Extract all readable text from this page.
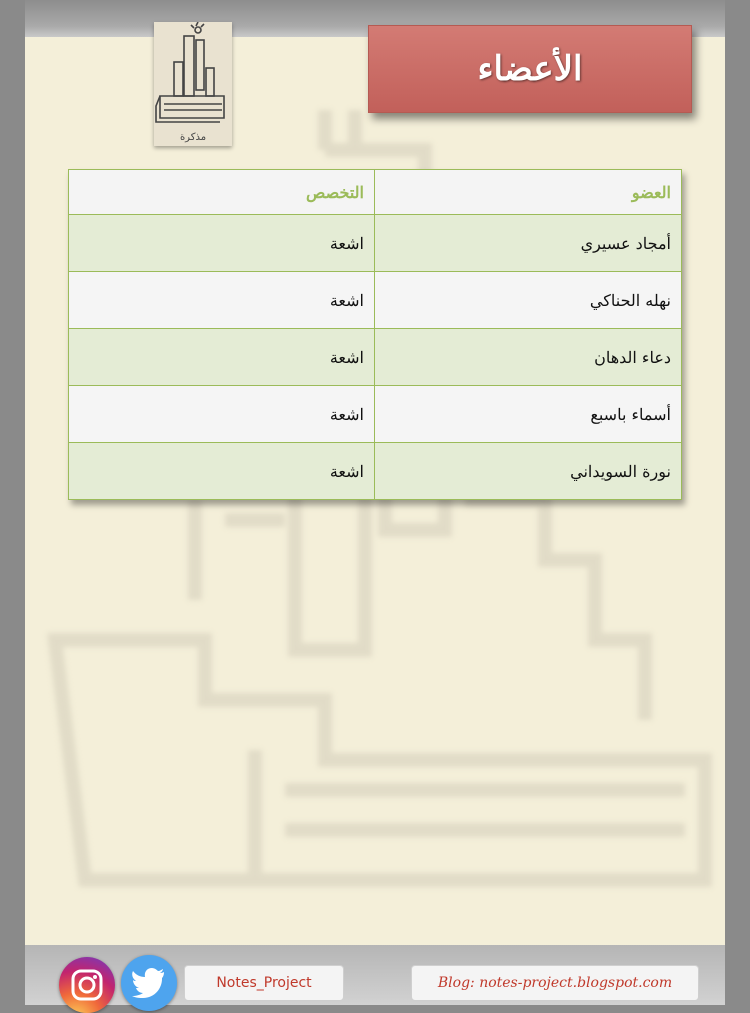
مذكرة
الأعضاء
العضو	التخصص
أمجاد عسيري	اشعة
نهله الحناكي	اشعة
دعاء الدهان	اشعة
أسماء باسبع	اشعة
نورة السويداني	اشعة
Notes_Project	Blog: notes-project.blogspot.com
